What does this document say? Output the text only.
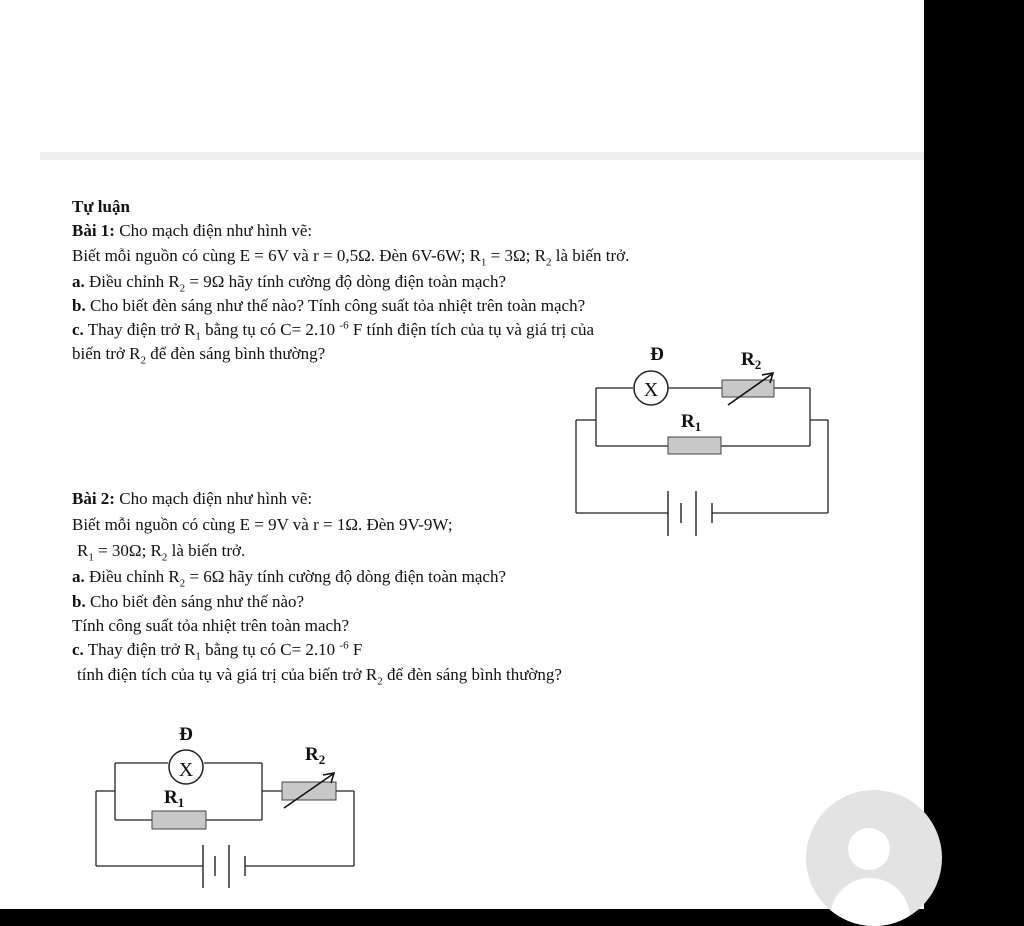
Tự luận
Bài 1: Cho mạch điện như hình vẽ:
Biết mỗi nguồn có cùng E = 6V và r = 0,5Ω. Đèn 6V-6W; $R_1 = 3\Omega$; $R_2$ là biến trở.
a. Điều chỉnh $R_2 = 9\Omega$ hãy tính cường độ dòng điện toàn mạch?
b. Cho biết đèn sáng như thế nào? Tính công suất tỏa nhiệt trên toàn mạch?
c. Thay điện trở $R_1$ bằng tụ có C= 2.10 $^{-6}$ F tính điện tích của tụ và giá trị của
biến trở $R_2$ để đèn sáng bình thường?
X
Đ	$R_2$
$R_1$
Bài 2: Cho mạch điện như hình vẽ:
Biết mỗi nguồn có cùng E = 9V và r = 1Ω. Đèn 9V-9W;
$R_1 = 30\Omega$; $R_2$ là biến trở.
a. Điều chỉnh $R_2 = 6\Omega$ hãy tính cường độ dòng điện toàn mạch?
b. Cho biết đèn sáng như thế nào?
Tính công suất tỏa nhiệt trên toàn mach?
c. Thay điện trở $R_1$ bằng tụ có C= 2.10 $^{-6}$ F
tính điện tích của tụ và giá trị của biến trở $R_2$ để đèn sáng bình thường?
X
Đ
$R_2$
$R_1$
